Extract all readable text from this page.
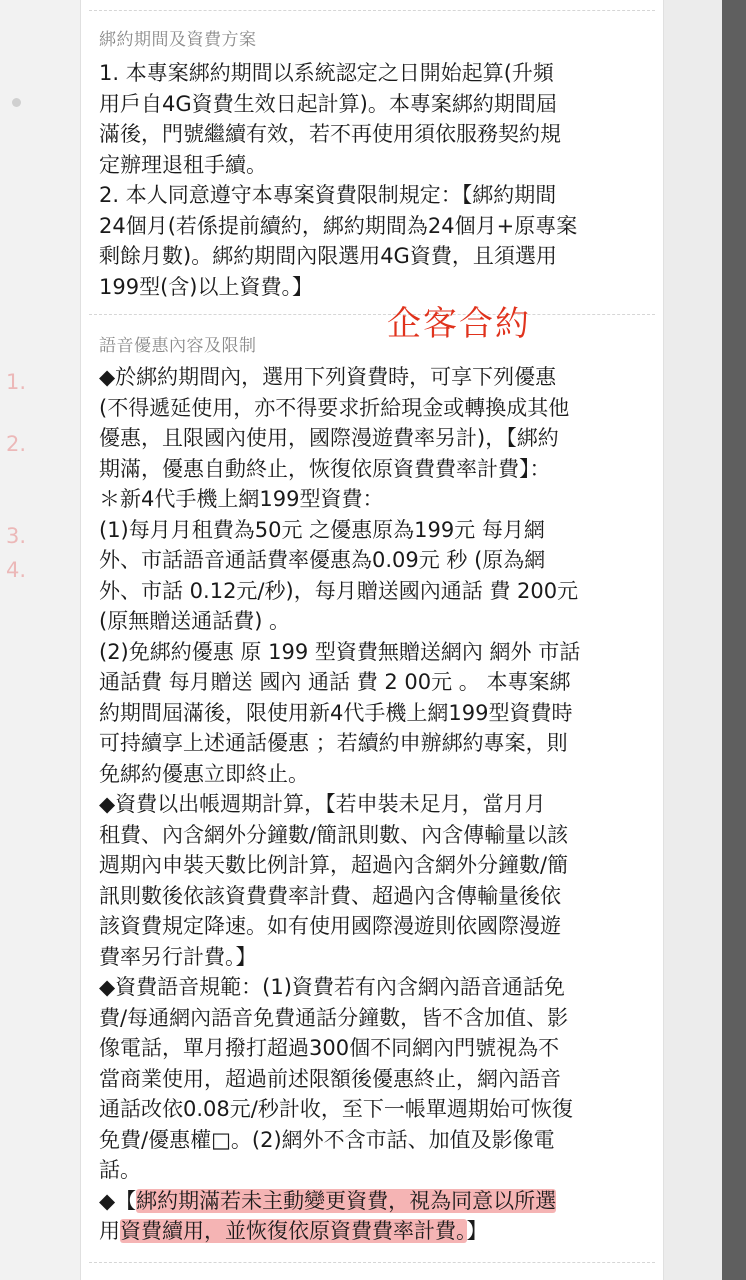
1.
2.
3.
4.
綁約期間及資費方案
1. 本專案綁約期間以系統認定之日開始起算(升頻
用戶自4G資費生效日起計算)。本專案綁約期間屆
滿後，門號繼續有效，若不再使用須依服務契約規
定辦理退租手續。
2. 本人同意遵守本專案資費限制規定：【綁約期間
24個月(若係提前續約，綁約期間為24個月+原專案
剩餘月數)。綁約期間內限選用4G資費，且須選用
199型(含)以上資費。】
企客合約
語音優惠內容及限制
◆於綁約期間內，選用下列資費時，可享下列優惠
(不得遞延使用，亦不得要求折給現金或轉換成其他
優惠，且限國內使用，國際漫遊費率另計)，【綁約
期滿，優惠自動終止，恢復依原資費費率計費】：
＊新4代手機上網199型資費：
(1)每月月租費為50元 之優惠原為199元 每月網
外、市話語音通話費率優惠為0.09元 秒 (原為網
外、市話 0.12元/秒)，每月贈送國內通話 費 200元
(原無贈送通話費) 。
(2)免綁約優惠 原 199 型資費無贈送網內 網外 市話
通話費 每月贈送 國內 通話 費 2 00元 。 本專案綁
約期間屆滿後，限使用新4代手機上網199型資費時
可持續享上述通話優惠 ；若續約申辦綁約專案，則
免綁約優惠立即終止。
◆資費以出帳週期計算，【若申裝未足月，當月月
租費、內含網外分鐘數/簡訊則數、內含傳輸量以該
週期內申裝天數比例計算，超過內含網外分鐘數/簡
訊則數後依該資費費率計費、超過內含傳輸量後依
該資費規定降速。如有使用國際漫遊則依國際漫遊
費率另行計費。】
◆資費語音規範：(1)資費若有內含網內語音通話免
費/每通網內語音免費通話分鐘數，皆不含加值、影
像電話，單月撥打超過300個不同網內門號視為不
當商業使用，超過前述限額後優惠終止，網內語音
通話改依0.08元/秒計收，至下一帳單週期始可恢復
免費/優惠權□。(2)網外不含市話、加值及影像電
話。
◆【綁約期滿若未主動變更資費，視為同意以所選
用資費續用，並恢復依原資費費率計費。】
